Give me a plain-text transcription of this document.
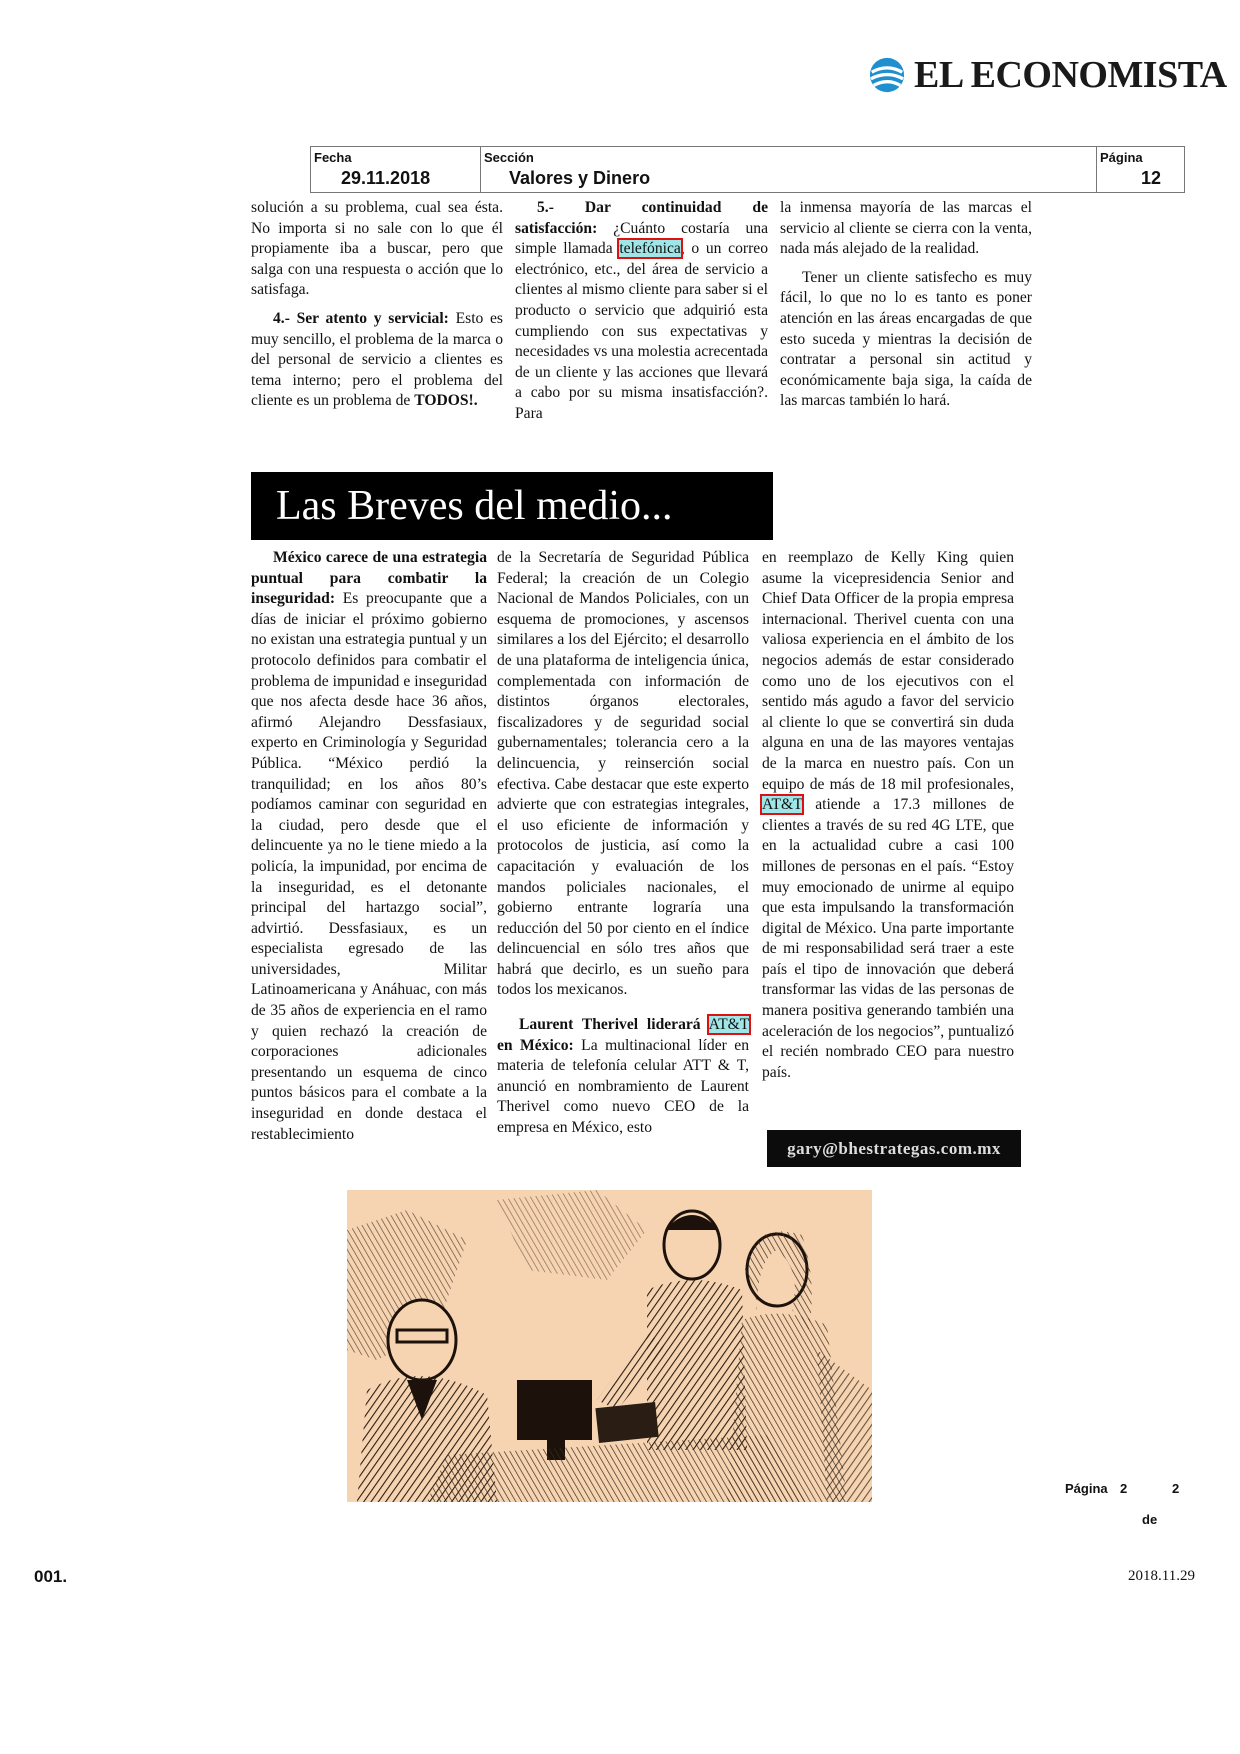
EL ECONOMISTA
Fecha
29.11.2018
Sección
Valores y Dinero
Página
12

solución a su problema, cual sea ésta. No importa si no sale con lo que él propiamente iba a buscar, pero que salga con una respuesta o acción que lo satisfaga.

4.- Ser atento y servicial: Esto es muy sencillo, el problema de la marca o del personal de servicio a clientes es tema interno; pero el problema del cliente es un problema de TODOS!.

5.- Dar continuidad de satisfacción: ¿Cuánto costaría una simple llamada telefónica, o un correo electrónico, etc., del área de servicio a clientes al mismo cliente para saber si el producto o servicio que adquirió esta cumpliendo con sus expectativas y necesidades vs una molestia acrecentada de un cliente y las acciones que llevará a cabo por su misma insatisfacción?. Para

la inmensa mayoría de las marcas el servicio al cliente se cierra con la venta, nada más alejado de la realidad.

Tener un cliente satisfecho es muy fácil, lo que no lo es tanto es poner atención en las áreas encargadas de que esto suceda y mientras la decisión de contratar a personal sin actitud y económicamente baja siga, la caída de las marcas también lo hará.

Las Breves del medio...

México carece de una estrategia puntual para combatir la inseguridad: Es preocupante que a días de iniciar el próximo gobierno no existan una estrategia puntual y un protocolo definidos para combatir el problema de impunidad e inseguridad que nos afecta desde hace 36 años, afirmó Alejandro Dessfasiaux, experto en Criminología y Seguridad Pública. “México perdió la tranquilidad; en los años 80’s podíamos caminar con seguridad en la ciudad, pero desde que el delincuente ya no le tiene miedo a la policía, la impunidad, por encima de la inseguridad, es el detonante principal del hartazgo social”, advirtió. Dessfasiaux, es un especialista egresado de las universidades, Militar Latinoamericana y Anáhuac, con más de 35 años de experiencia en el ramo y quien rechazó la creación de corporaciones adicionales presentando un esquema de cinco puntos básicos para el combate a la inseguridad en donde destaca el restablecimiento

de la Secretaría de Seguridad Pública Federal; la creación de un Colegio Nacional de Mandos Policiales, con un esquema de promociones, y ascensos similares a los del Ejército; el desarrollo de una plataforma de inteligencia única, complementada con información de distintos órganos electorales, fiscalizadores y de seguridad social gubernamentales; tolerancia cero a la delincuencia, y reinserción social efectiva. Cabe destacar que este experto advierte que con estrategias integrales, el uso eficiente de información y protocolos de justicia, así como la capacitación y evaluación de los mandos policiales nacionales, el gobierno entrante lograría una reducción del 50 por ciento en el índice delincuencial en sólo tres años que habrá que decirlo, es un sueño para todos los mexicanos.

Laurent Therivel liderará AT&T en México: La multinacional líder en materia de telefonía celular ATT & T, anunció en nombramiento de Laurent Therivel como nuevo CEO de la empresa en México, esto

en reemplazo de Kelly King quien asume la vicepresidencia Senior and Chief Data Officer de la propia empresa internacional. Therivel cuenta con una valiosa experiencia en el ámbito de los negocios además de estar considerado como uno de los ejecutivos con el sentido más agudo a favor del servicio al cliente lo que se convertirá sin duda alguna en una de las mayores ventajas de la marca en nuestro país. Con un equipo de más de 18 mil profesionales, AT&T atiende a 17.3 millones de clientes a través de su red 4G LTE, que en la actualidad cubre a casi 100 millones de personas en el país. “Estoy muy emocionado de unirme al equipo que esta impulsando la transformación digital de México. Una parte importante de mi responsabilidad será traer a este país el tipo de innovación que deberá transformar las vidas de las personas de manera positiva generando también una aceleración de los negocios”, puntualizó el recién nombrado CEO para nuestro país.

gary@bhestrategas.com.mx
Página 2	2
de
001.	2018.11.29
